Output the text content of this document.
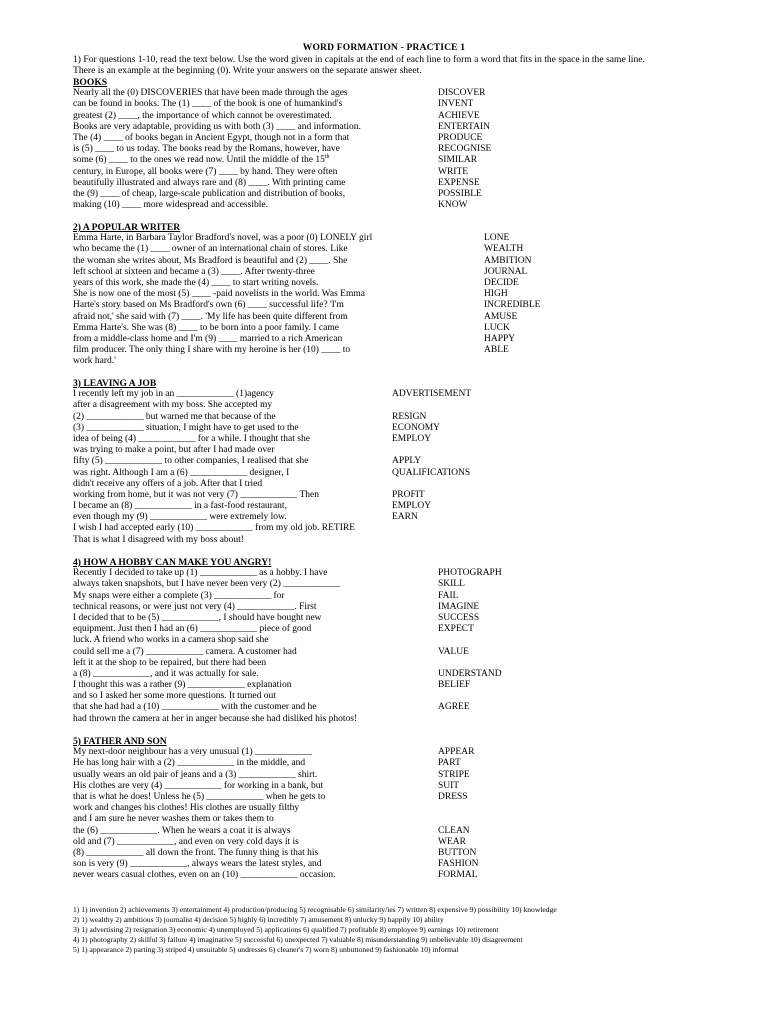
WORD FORMATION - PRACTICE 1
1) For questions 1-10, read the text below. Use the word given in capitals at the end of each line to form a word that fits in the space in the same line.
There is an example at the beginning (0). Write your answers on the separate answer sheet.
BOOKS
Nearly all the (0) DISCOVERIES that have been made through the ages	DISCOVER
can be found in books. The (1) ____ of the book is one of humankind's	INVENT
greatest (2) ____, the importance of which cannot be overestimated.	ACHIEVE
Books are very adaptable, providing us with both (3) ____ and information.	ENTERTAIN
The (4) ____ of books began in Ancient Egypt, though not in a form that	PRODUCE
is (5) ____ to us today. The books read by the Romans, however, have	RECOGNISE
some (6) ____ to the ones we read now. Until the middle of the 15th	SIMILAR
century, in Europe, all books were (7) ____ by hand. They were often	WRITE
beautifully illustrated and always rare and (8) ____. With printing came	EXPENSE
the (9) ____ of cheap, large-scale publication and distribution of books,	POSSIBLE
making (10) ____ more widespread and accessible.	KNOW
2) A POPULAR WRITER
Emma Harte, in Barbara Taylor Bradford's novel, was a poor (0) LONELY girl	LONE
who became the (1) ____ owner of an international chain of stores. Like	WEALTH
the woman she writes about, Ms Bradford is beautiful and (2) ____. She	AMBITION
left school at sixteen and became a (3) ____. After twenty-three	JOURNAL
years of this work, she made the (4) ____ to start writing novels.	DECIDE
She is now one of the most (5) ____ -paid novelists in the world. Was Emma	HIGH
Harte's story based on Ms Bradford's own (6) ____ successful life? 'I'm	INCREDIBLE
afraid not,' she said with (7) ____. 'My life has been quite different from	AMUSE
Emma Harte's. She was (8) ____ to be born into a poor family. I came	LUCK
from a middle-class home and I'm (9) ____ married to a rich American	HAPPY
film producer. The only thing I share with my heroine is her (10) ____ to	ABLE
work hard.'
3) LEAVING A JOB
I recently left my job in an ____________ (1)agency	ADVERTISEMENT
after a disagreement with my boss. She accepted my
(2) ____________ but warned me that because of the	RESIGN
(3) ____________ situation, I might have to get used to the	ECONOMY
idea of being (4) ____________ for a while. I thought that she	EMPLOY
was trying to make a point, but after I had made over
fifty (5) ____________ to other companies, I realised that she	APPLY
was right. Although I am a (6) ____________ designer, I	QUALIFICATIONS
didn't receive any offers of a job. After that I tried
working from home, but it was not very (7) ____________ Then	PROFIT
I became an (8) ____________ in a fast-food restaurant,	EMPLOY
even though my (9) ____________ were extremely low.	EARN
I wish I had accepted early (10) ____________ from my old job. RETIRE
That is what I disagreed with my boss about!
4) HOW A HOBBY CAN MAKE YOU ANGRY!
Recently I decided to take up (1) ____________ as a hobby. I have	PHOTOGRAPH
always taken snapshots, but I have never been very (2) ____________	SKILL
My snaps were either a complete (3) ____________ for	FAIL
technical reasons, or were just not very (4) ____________. First	IMAGINE
I decided that to be (5) ____________, I should have bought new	SUCCESS
equipment. Just then I had an (6) ____________ piece of good	EXPECT
luck. A friend who works in a camera shop said she
could sell me a (7) ____________ camera. A customer had	VALUE
left it at the shop to be repaired, but there had been
a (8) ____________, and it was actually for sale.	UNDERSTAND
I thought this was a rather (9) ____________ explanation	BELIEF
and so I asked her some more questions. It turned out
that she had had a (10) ____________ with the customer and he	AGREE
had thrown the camera at her in anger because she had disliked his photos!
5) FATHER AND SON
My next-door neighbour has a very unusual (1) ____________	APPEAR
He has long hair with a (2) ____________ in the middle, and	PART
usually wears an old pair of jeans and a (3) ____________ shirt.	STRIPE
His clothes are very (4) ____________ for working in a bank, but	SUIT
that is what he does! Unless he (5) ____________ when he gets to	DRESS
work and changes his clothes! His clothes are usually filthy
and I am sure he never washes them or takes them to
the (6) ____________. When he wears a coat it is always	CLEAN
old and (7) ____________, and even on very cold days it is	WEAR
(8) ____________ all down the front. The funny thing is that his	BUTTON
son is very (9) ____________, always wears the latest styles, and	FASHION
never wears casual clothes, even on an (10) ____________ occasion.	FORMAL
1) 1) invention 2) achievements 3) entertainment 4) production/producing 5) recognisable 6) similarity/ies 7) written 8) expensive 9) possibility 10) knowledge
2) 1) wealthy 2) ambitious 3) journalist 4) decision 5) highly 6) incredibly 7) amusement 8) unlucky 9) happily 10) ability
3) 1) advertising 2) resignation 3) economic 4) unemployed 5) applications 6) qualified 7) profitable 8) employee 9) earnings 10) retirement
4) 1) photography 2) skilful 3) failure 4) imaginative 5) successful 6) unexpected 7) valuable 8) misunderstanding 9) unbelievable 10) disagreement
5) 1) appearance 2) parting 3) striped 4) unsuitable 5) undresses 6) cleaner's 7) worn 8) unbuttoned 9) fashionable 10) informal
